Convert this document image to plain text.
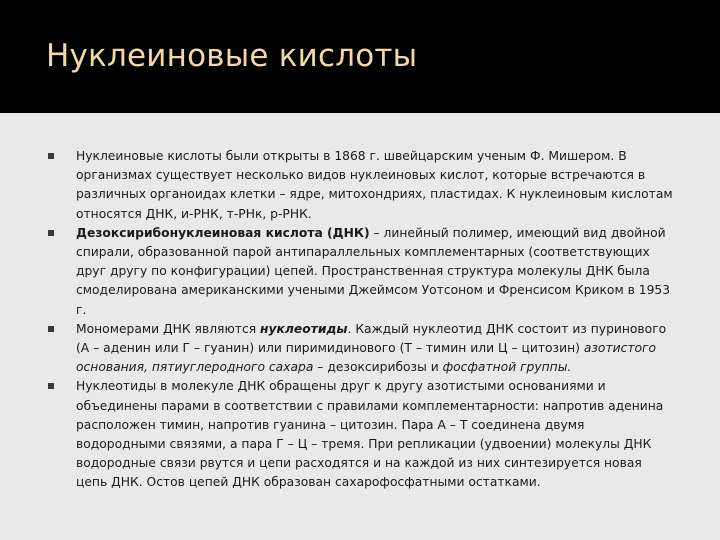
Нуклеиновые кислоты
Нуклеиновые кислоты были открыты в 1868 г. швейцарским ученым Ф. Мишером. В организмах существует несколько видов нуклеиновых кислот, которые встречаются в различных органоидах клетки – ядре, митохондриях, пластидах. К нуклеиновым кислотам относятся ДНК, и-РНК, т-РНк, р-РНК.
Дезоксирибонуклеиновая кислота (ДНК) – линейный полимер, имеющий вид двойной спирали, образованной парой антипараллельных комплементарных (соответствующих друг другу по конфигурации) цепей. Пространственная структура молекулы ДНК была смоделирована американскими учеными Джеймсом Уотсоном и Френсисом Криком в 1953 г.
Мономерами ДНК являются нуклеотиды. Каждый нуклеотид ДНК состоит из пуринового (А – аденин или Г – гуанин) или пиримидинового (Т – тимин или Ц – цитозин) азотистого основания, пятиуглеродного сахара – дезоксирибозы и фосфатной группы.
Нуклеотиды в молекуле ДНК обращены друг к другу азотистыми основаниями и объединены парами в соответствии с правилами комплементарности: напротив аденина расположен тимин, напротив гуанина – цитозин. Пара А – Т соединена двумя водородными связями, а пара Г – Ц – тремя. При репликации (удвоении) молекулы ДНК водородные связи рвутся и цепи расходятся и на каждой из них синтезируется новая цепь ДНК. Остов цепей ДНК образован сахарофосфатными остатками.
